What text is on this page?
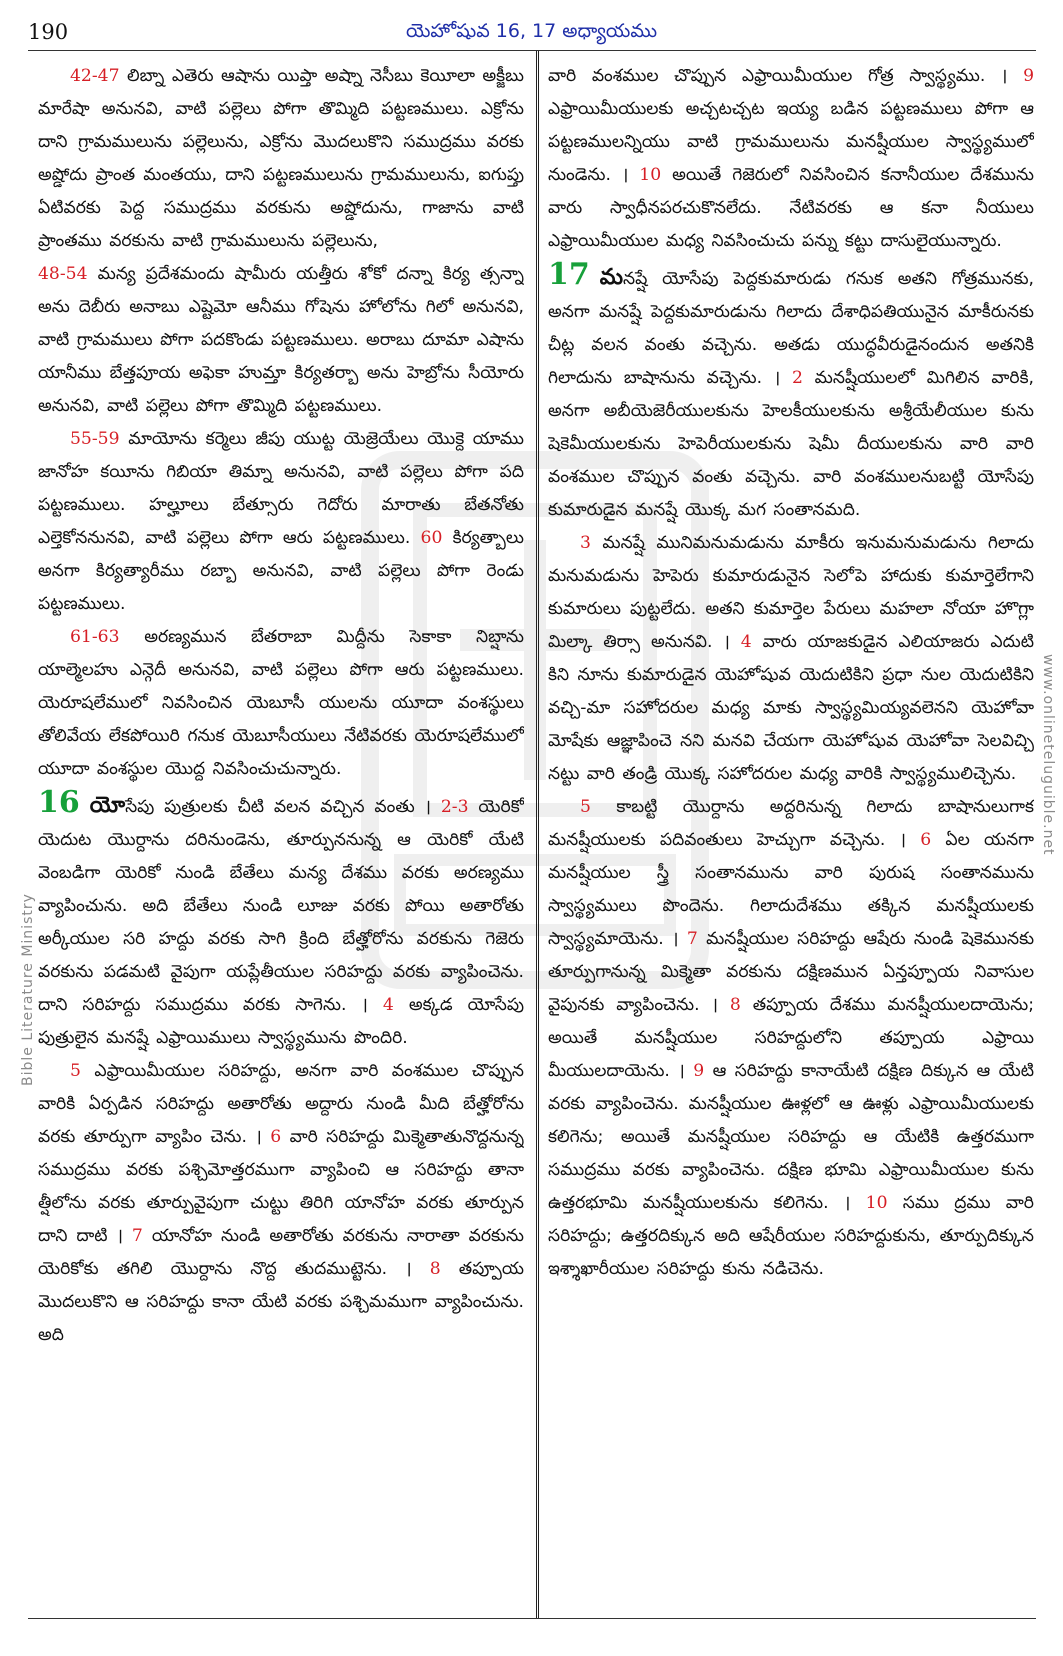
190	యెహోషువ 16, 17 అధ్యాయము
Bible Literature Ministry
www.onlineteluguible.net

42-47 లిబ్నా ఎతెరు ఆషాను యిప్తా అష్నా నెసీబు కెయీలా అక్జీబు మారేషా అనునవి, వాటి పల్లెలు పోగా తొమ్మిది పట్టణములు. ఎక్రోను దాని గ్రామములును పల్లెలును, ఎక్రోను మొదలుకొని సముద్రము వరకు అష్డోదు ప్రాంత మంతయు, దాని పట్టణములును గ్రామములును, ఐగుప్తు ఏటివరకు పెద్ద సముద్రము వరకును అష్డోదును, గాజాను వాటి ప్రాంతము వరకును వాటి గ్రామములును పల్లెలును,

48-54 మన్య ప్రదేశమందు షామీరు యత్తీరు శోకో దన్నా కిర్య త్సన్నా అను దెబీరు అనాబు ఎష్టెమో ఆనీము గోషెను హోలోను గిలో అనునవి, వాటి గ్రామములు పోగా పదకొండు పట్టణములు. అరాబు దూమా ఎషాను యానీము బేత్తపూయ అఫెకా హుమ్తా కిర్యతర్బా అను హెబ్రోను సీయోరు అనునవి, వాటి పల్లెలు పోగా తొమ్మిది పట్టణములు.

55-59 మాయోను కర్మెలు జీపు యుట్ట యెజ్రెయేలు యొక్దె యాము జానోహ కయీను గిబియా తిమ్నా అనునవి, వాటి పల్లెలు పోగా పది పట్టణములు. హల్హూలు బేత్సూరు గెదోరు మారాతు బేతనోతు ఎల్తెకోననునవి, వాటి పల్లెలు పోగా ఆరు పట్టణములు. 60 కిర్యత్బాలు అనగా కిర్యత్యారీము రబ్బా అనునవి, వాటి పల్లెలు పోగా రెండు పట్టణములు.

61-63 అరణ్యమున బేతరాబా మిద్దీను సెకాకా నిబ్షాను యాల్మెలహు ఎన్గెదీ అనునవి, వాటి పల్లెలు పోగా ఆరు పట్టణములు. యెరూషలేములో నివసించిన యెబూసీ యులను యూదా వంశస్థులు తోలివేయ లేకపోయిరి గనుక యెబూసీయులు నేటివరకు యెరూషలేములో యూదా వంశస్థుల యొద్ద నివసించుచున్నారు.

16 యోసేపు పుత్రులకు చీటి వలన వచ్చిన వంతు । 2-3 యెరికో యెదుట యొర్దాను దరినుండెను, తూర్పుననున్న ఆ యెరికో యేటి వెంబడిగా యెరికో నుండి బేతేలు మన్య దేశము వరకు అరణ్యము వ్యాపించును. అది బేతేలు నుండి లూజు వరకు పోయి అతారోతు అర్కీయుల సరి హద్దు వరకు సాగి క్రింది బేత్హోరోను వరకును గెజెరు వరకును పడమటి వైపుగా యప్లేతీయుల సరిహద్దు వరకు వ్యాపించెను. దాని సరిహద్దు సముద్రము వరకు సాగెను. । 4 అక్కడ యోసేపు పుత్రులైన మనష్షే ఎఫ్రాయిములు స్వాస్థ్యమును పొందిరి.

5 ఎఫ్రాయిమీయుల సరిహద్దు, అనగా వారి వంశముల చొప్పున వారికి ఏర్పడిన సరిహద్దు అతారోతు అద్దారు నుండి మీది బేత్హోరోను వరకు తూర్పుగా వ్యాపిం చెను. । 6 వారి సరిహద్దు మిక్మెతాతునొద్దనున్న సముద్రము వరకు పశ్చిమోత్తరముగా వ్యాపించి ఆ సరిహద్దు తానా త్షీలోను వరకు తూర్పువైపుగా చుట్టు తిరిగి యానోహ వరకు తూర్పున దాని దాటి । 7 యానోహ నుండి అతారోతు వరకును నారాతా వరకును యెరికోకు తగిలి యొర్దాను నొద్ద తుదముట్టెను. । 8 తప్పూయ మొదలుకొని ఆ సరిహద్దు కానా యేటి వరకు పశ్చిమముగా వ్యాపించును. అది

వారి వంశముల చొప్పున ఎఫ్రాయిమీయుల గోత్ర స్వాస్థ్యము. । 9 ఎఫ్రాయిమీయులకు అచ్చటచ్చట ఇయ్య బడిన పట్టణములు పోగా ఆ పట్టణములన్నియు వాటి గ్రామములును మనష్షీయుల స్వాస్థ్యములో నుండెను. । 10 అయితే గెజెరులో నివసించిన కనానీయుల దేశమును వారు స్వాధీనపరచుకొనలేదు. నేటివరకు ఆ కనా నీయులు ఎఫ్రాయిమీయుల మధ్య నివసించుచు పన్ను కట్టు దాసులైయున్నారు.

17 మనష్షే యోసేపు పెద్దకుమారుడు గనుక అతని గోత్రమునకు, అనగా మనష్షే పెద్దకుమారుడును గిలాదు దేశాధిపతియునైన మాకీరునకు చీట్ల వలన వంతు వచ్చెను. అతడు యుద్ధవీరుడైనందున అతనికి గిలాదును బాషానును వచ్చెను. । 2 మనష్షీయులలో మిగిలిన వారికి, అనగా అబీయెజెరీయులకును హెలకీయులకును అశ్రీయేలీయుల కును షెకెమీయులకును హెపెరీయులకును షెమీ దీయులకును వారి వారి వంశముల చొప్పున వంతు వచ్చెను. వారి వంశములనుబట్టి యోసేపు కుమారుడైన మనష్షే యొక్క మగ సంతానమది.

3 మనష్షే మునిమనుమడును మాకీరు ఇనుమనుమడును గిలాదు మనుమడును హెపెరు కుమారుడునైన సెలోపె హాదుకు కుమార్తెలేగాని కుమారులు పుట్టలేదు. అతని కుమార్తెల పేరులు మహలా నోయా హొగ్లా మిల్కా తిర్సా అనునవి. । 4 వారు యాజకుడైన ఎలియాజరు ఎదుటి కిని నూను కుమారుడైన యెహోషువ యెదుటికిని ప్రధా నుల యెదుటికిని వచ్చి-మా సహోదరుల మధ్య మాకు స్వాస్థ్యమియ్యవలెనని యెహోవా మోషేకు ఆజ్ఞాపించె నని మనవి చేయగా యెహోషువ యెహోవా సెలవిచ్చి నట్టు వారి తండ్రి యొక్క సహోదరుల మధ్య వారికి స్వాస్థ్యములిచ్చెను.

5 కాబట్టి యొర్దాను అద్దరినున్న గిలాదు బాషానులుగాక మనష్షీయులకు పదివంతులు హెచ్చుగా వచ్చెను. । 6 ఏల యనగా మనష్షీయుల స్త్రీ సంతానమును వారి పురుష సంతానమును స్వాస్థ్యములు పొందెను. గిలాదుదేశము తక్కిన మనష్షీయులకు స్వాస్థ్యమాయెను. । 7 మనష్షీయుల సరిహద్దు ఆషేరు నుండి షెకెమునకు తూర్పుగానున్న మిక్మెతా వరకును దక్షిణమున ఏన్తప్పూయ నివాసుల వైపునకు వ్యాపించెను. । 8 తప్పూయ దేశము మనష్షీయులదాయెను; అయితే మనష్షీయుల సరిహద్దులోని తప్పూయ ఎఫ్రాయి మీయులదాయెను. । 9 ఆ సరిహద్దు కానాయేటి దక్షిణ దిక్కున ఆ యేటి వరకు వ్యాపించెను. మనష్షీయుల ఊళ్లలో ఆ ఊళ్లు ఎఫ్రాయిమీయులకు కలిగెను; అయితే మనష్షీయుల సరిహద్దు ఆ యేటికి ఉత్తరముగా సముద్రము వరకు వ్యాపించెను. దక్షిణ భూమి ఎఫ్రాయిమీయుల కును ఉత్తరభూమి మనష్షీయులకును కలిగెను. । 10 సము ద్రము వారి సరిహద్దు; ఉత్తరదిక్కున అది ఆషేరీయుల సరిహద్దుకును, తూర్పుదిక్కున ఇశ్శాఖారీయుల సరిహద్దు కును నడిచెను.
